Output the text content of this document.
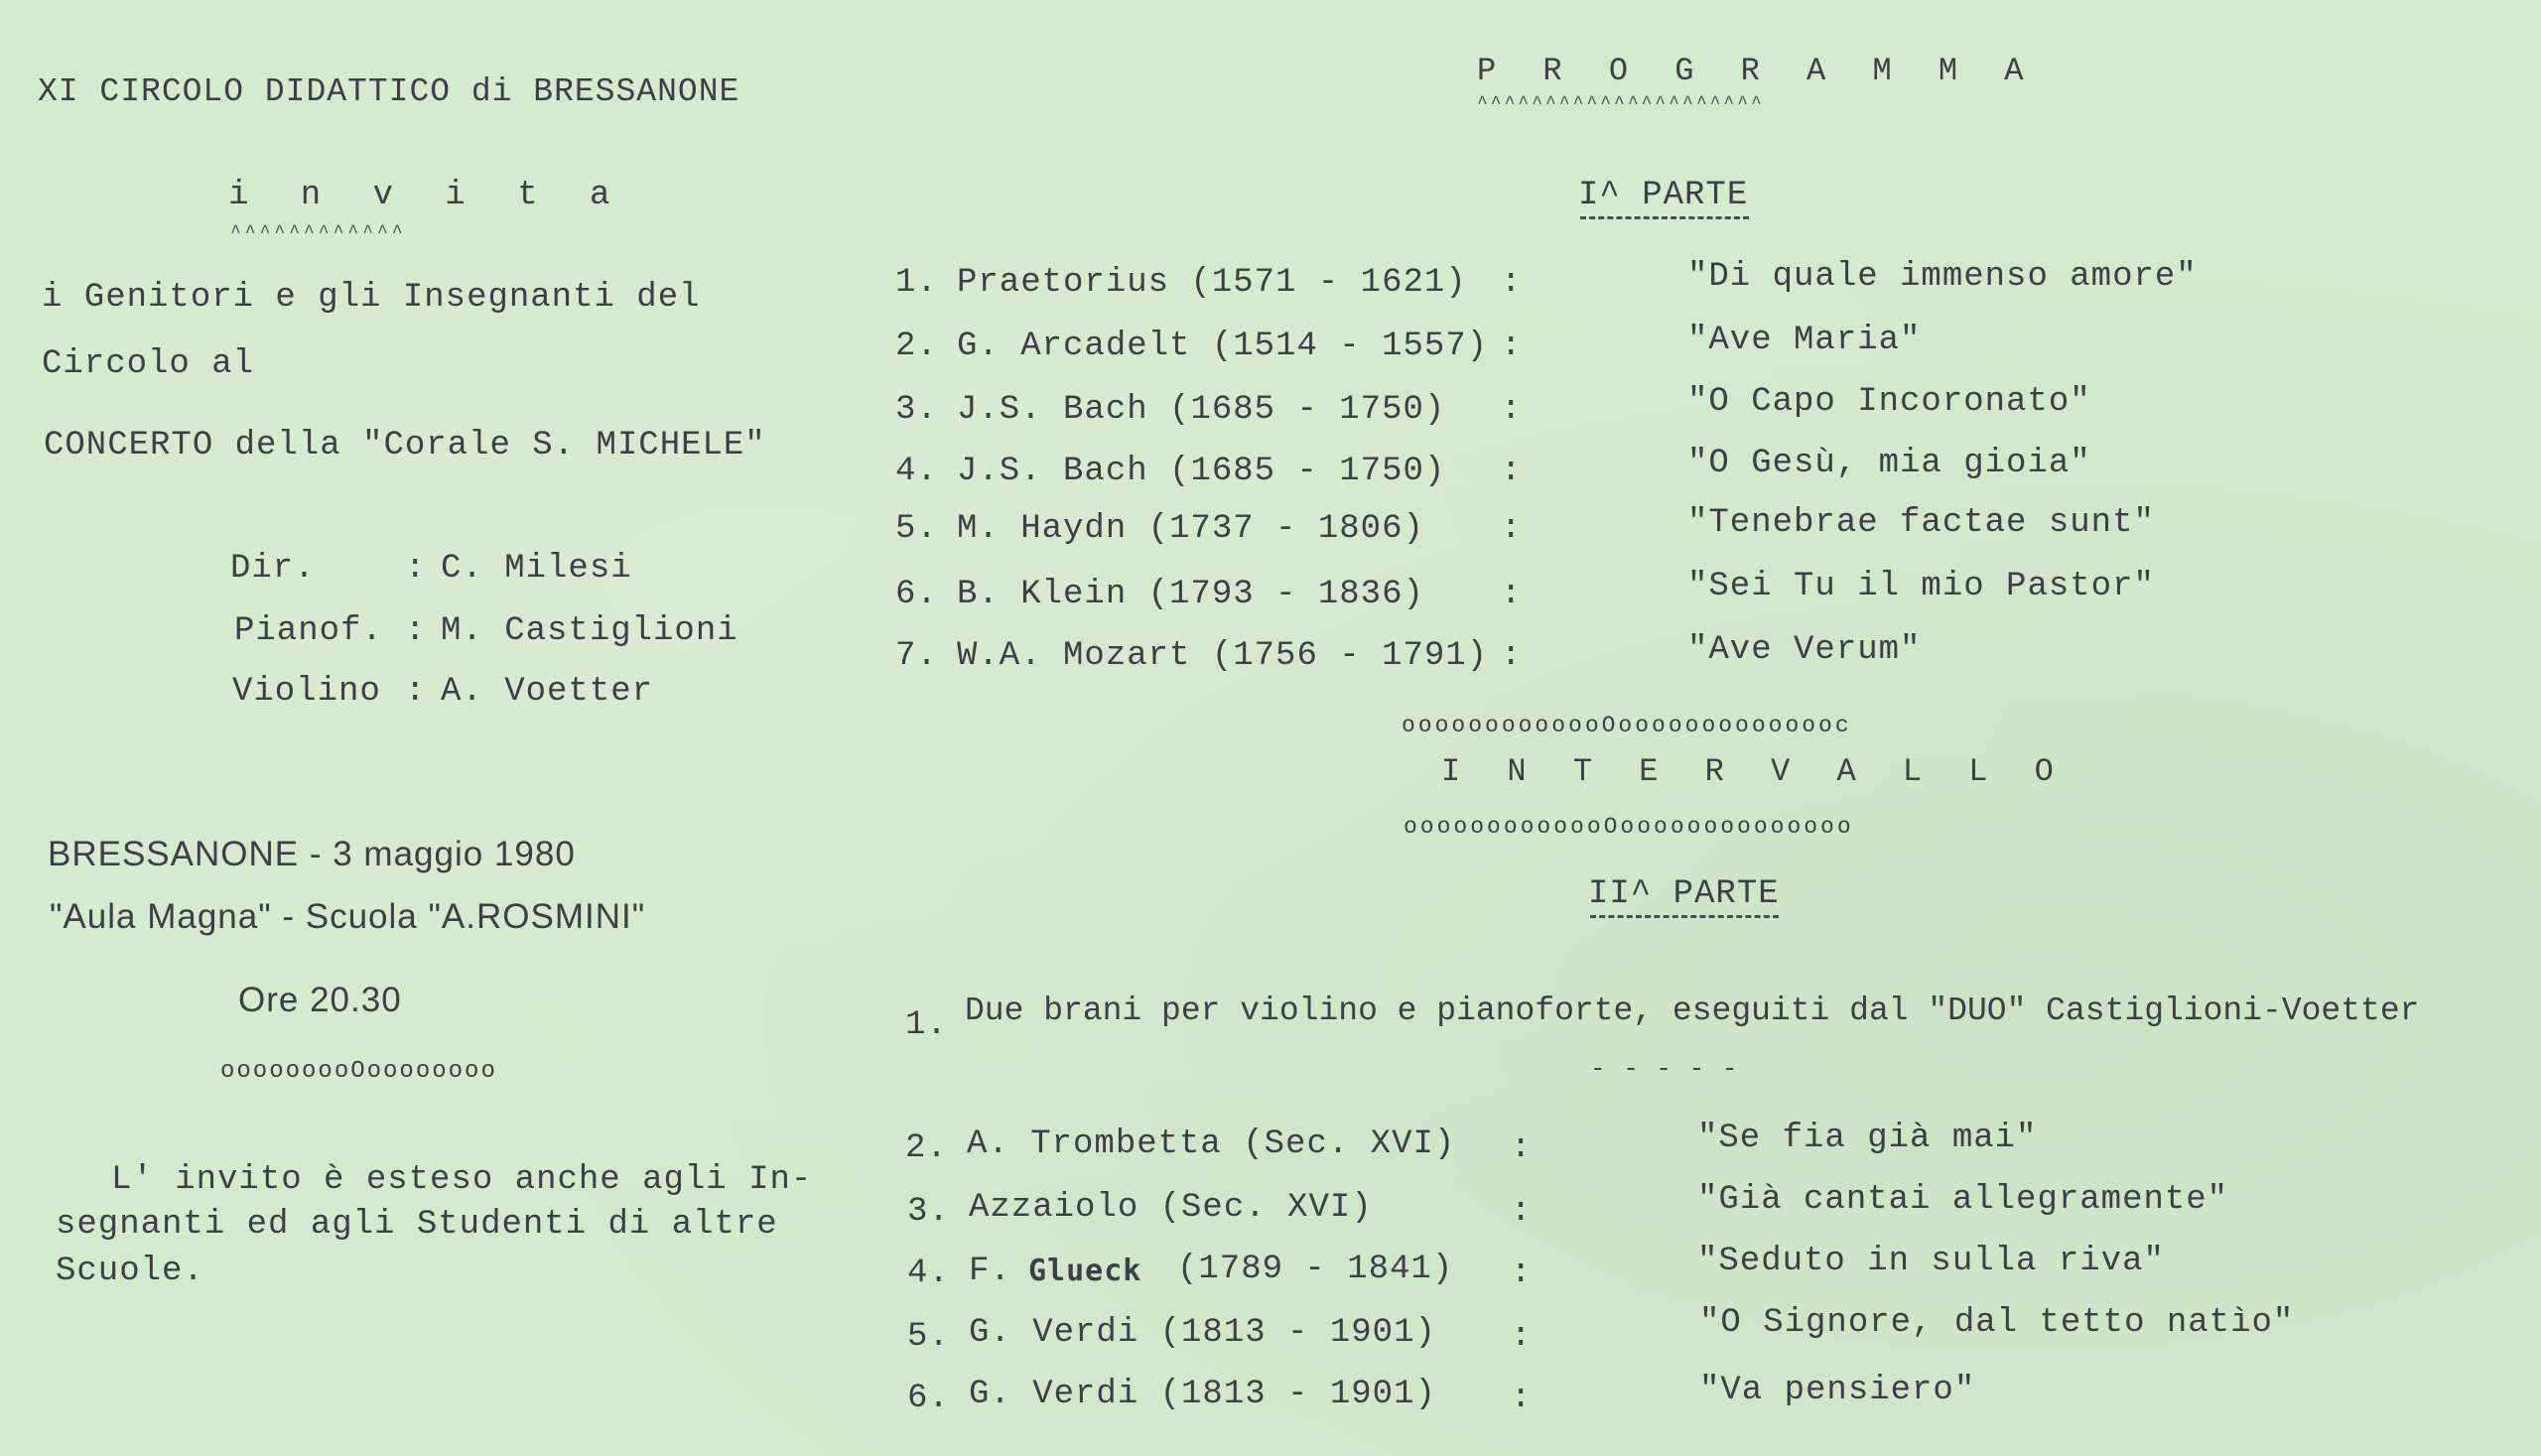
XI CIRCOLO DIDATTICO di BRESSANONE
i n v i t a
^^^^^^^^^^^^
i Genitori e gli Insegnanti del
Circolo al
CONCERTO della "Corale S. MICHELE"
Dir.	: C. Milesi
Pianof. : M. Castiglioni
Violino : A. Voetter
BRESSANONE - 3 maggio 1980
"Aula Magna" - Scuola "A.ROSMINI"
Ore 20.30
ooooooooOoooooooo
L' invito è esteso anche agli In-
segnanti ed agli Studenti di altre
Scuole.
P R O G R A M M A
^^^^^^^^^^^^^^^^^^^^^
I^ PARTE
1. Praetorius (1571 - 1621) :	"Di quale immenso amore"
2. G. Arcadelt (1514 - 1557) :	"Ave Maria"
3. J.S. Bach (1685 - 1750) :	"O Capo Incoronato"
4. J.S. Bach (1685 - 1750) :	"O Gesù, mia gioia"
5. M. Haydn (1737 - 1806) :	"Tenebrae factae sunt"
6. B. Klein (1793 - 1836) :	"Sei Tu il mio Pastor"
7. W.A. Mozart (1756 - 1791) :	"Ave Verum"
ooooooooooooOoooooooooooooc
I N T E R V A L L O
ooooooooooooOoooooooooooooo
II^ PARTE
1. Due brani per violino e pianoforte, eseguiti dal "DUO" Castiglioni-Voetter
- - - - -
2. A. Trombetta (Sec. XVI) :	"Se fia già mai"
3. Azzaiolo (Sec. XVI)	:	"Già cantai allegramente"
4. F. Glueck (1789 - 1841) :	"Seduto in sulla riva"
5. G. Verdi (1813 - 1901) :	"O Signore, dal tetto natìo"
6. G. Verdi (1813 - 1901) :	"Va pensiero"
